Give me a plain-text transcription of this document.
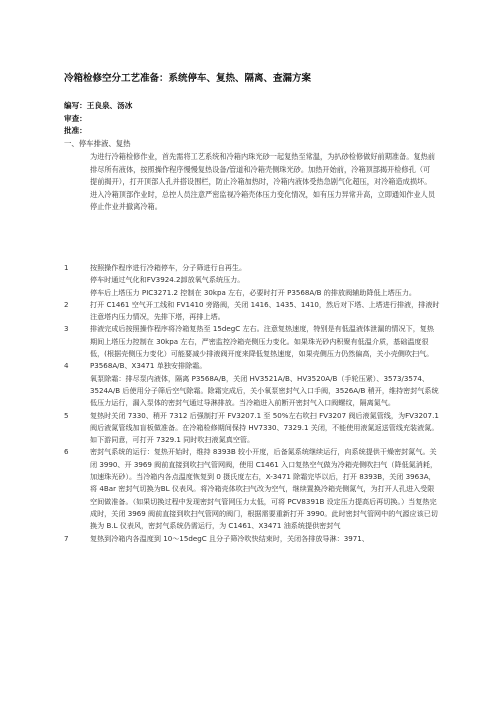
冷箱检修空分工艺准备：系统停车、复热、隔离、查漏方案
编写：王良泉、汤冰
审查：
批准：
一、停车排液、复热

为进行冷箱检修作业，首先需将工艺系统和冷箱内珠光砂一起复热至常温，为扒砂检修做好前期准备。复热前排尽所有液体，按照操作程序慢慢复热设备/管道和冷箱壳侧珠光砂。加热开始前，冷箱顶部揭开检修孔（可提前揭开），打开顶部人孔并搭设围栏，防止冷箱加热时，冷箱内液体受热急剧气化超压，对冷箱造成损坏。进入冷箱顶部作业时，总控人员注意严密监视冷箱壳体压力变化情况，如有压力异常升高，立即通知作业人员停止作业并撤离冷箱。

1	按照操作程序进行冷箱停车，分子筛进行自再生。

停车时通过气化和FV3924.2卸放氧气系统压力。

停车后上塔压力 PIC3271.2 控制在 30kpa 左右，必要时打开 P3568A/B 的排放阀辅助降低上塔压力。

2	打开 C1461 空气开工线和 FV1410 旁路阀，关闭 1416、1435、1410，然后对下塔、上塔进行排液，排液时注意塔内压力情况，先排下塔，再排上塔。

3	排液完成后按照操作程序将冷箱复热至 15degC 左右。注意复热速度，特别是有低温液体泄漏的情况下，复热期间上塔压力控制在 30kpa 左右，严密监控冷箱壳侧压力变化。如果珠光砂内积聚有低温介质，基础温度很低，(根据壳侧压力变化）可能要减少排液阀开度来降低复热速度，如果壳侧压力仍然偏高，关小壳侧吹扫气。

4	P3568A/B、X3471 单独安排除霜。

氧泵除霜：排尽泵内液体，隔离 P3568A/B，关闭 HV3521A/B、HV3520A/B（手轮压紧）、3573/3574、3524A/B 后使用分子筛后空气除霜。除霜完成后，关小氧泵密封气入口手阀，3526A/B 稍开，维持密封气系统低压力运行，漏入泵体的密封气通过导淋排放。当冷箱进入前断开密封气入口阀螺纹，隔离氮气。

5	复热时关闭 7330、稍开 7312 后强制打开 FV3207.1 至 50%左右吹扫 FV3207 阀后液氮管线，为FV3207.1 阀后液氮管线加盲板做准备。在冷箱检修期间保持 HV7330、7329.1 关闭，不能使用液氮返送管线充装液氮。

如下游同意，可打开 7329.1 同时吹扫液氮真空管。

6	密封气系统的运行：复热开始时，维持 8393B 较小开度，后备氮系统继续运行，向系统提供干燥密封氮气。关闭 3990、开 3969 阀前直接到吹扫气管网阀，使用 C1461 入口复热空气做为冷箱壳侧吹扫气（降低氮消耗，加速珠光砂）。当冷箱内各点温度恢复到 0 摄氏度左右，X-3471 除霜完毕以后，打开 8393B，关闭 3963A，将 4Bar 密封气切换为BL 仪表风。将冷箱壳体吹扫气改为空气，继续置换冷箱壳侧氮气，为打开人孔进入受限空间做准备。（如果切换过程中发现密封气管网压力太低，可将 PCV8391B 设定压力提高后再切换。）当复热完成时，关闭 3969 阀前直接到吹扫气管网的阀门，根据需要重新打开 3990。此时密封气管网中的气源应该已切换为 B.L 仪表风，密封气系统仍需运行，为 C1461、X3471 油系统提供密封气

7	复热到冷箱内各温度到 10～15degC 且分子筛冷吹快结束时，关闭各排放导淋：3971、
